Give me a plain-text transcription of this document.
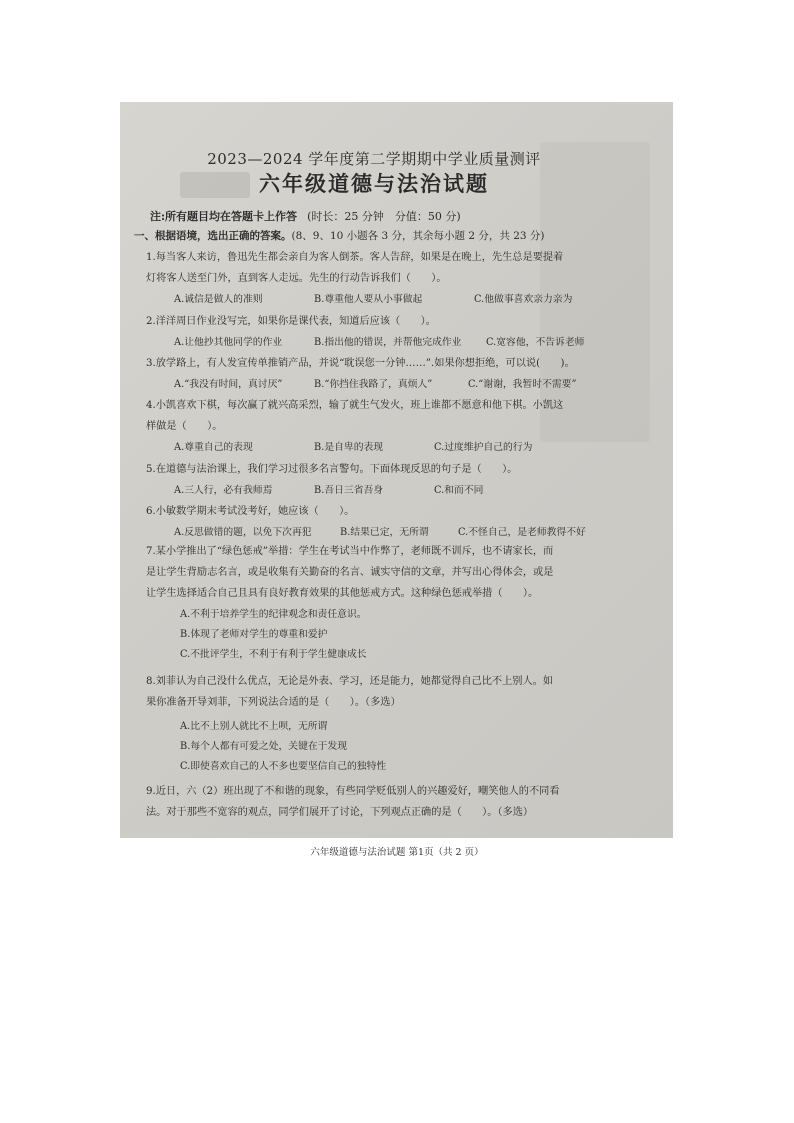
2023—2024 学年度第二学期期中学业质量测评
六年级道德与法治试题
注:所有题目均在答题卡上作答 (时长：25 分钟　分值：50 分)
一、根据语境，选出正确的答案。(8、9、10 小题各 3 分，其余每小题 2 分，共 23 分)
1.每当客人来访，鲁迅先生都会亲自为客人倒茶。客人告辞，如果是在晚上，先生总是要提着
灯将客人送至门外，直到客人走远。先生的行动告诉我们（　　）。
A.诚信是做人的准则	B.尊重他人要从小事做起	C.他做事喜欢亲力亲为
2.洋洋周日作业没写完，如果你是课代表，知道后应该（　　）。
A.让他抄其他同学的作业	B.指出他的错误，并帮他完成作业	C.宽容他，不告诉老师
3.放学路上，有人发宣传单推销产品，并说“耽误您一分钟……”.如果你想拒绝，可以说(　　)。
A.“我没有时间，真讨厌”	B.“你挡住我路了，真烦人”	C.“谢谢，我暂时不需要”
4.小凯喜欢下棋，每次赢了就兴高采烈，输了就生气发火，班上谁都不愿意和他下棋。小凯这
样做是（　　）。
A.尊重自己的表现	B.是自卑的表现	C.过度维护自己的行为
5.在道德与法治课上，我们学习过很多名言警句。下面体现反思的句子是（　　）。
A.三人行，必有我师焉	B.吾日三省吾身	C.和而不同
6.小敏数学期末考试没考好，她应该（　　）。
A.反思做错的题，以免下次再犯	B.结果已定，无所谓	C.不怪自己，是老师教得不好
7.某小学推出了“绿色惩戒”举措：学生在考试当中作弊了，老师既不训斥，也不请家长，而
是让学生背励志名言，或是收集有关勤奋的名言、诚实守信的文章，并写出心得体会，或是
让学生选择适合自己且具有良好教育效果的其他惩戒方式。这种绿色惩戒举措（　　）。
A.不利于培养学生的纪律观念和责任意识。
B.体现了老师对学生的尊重和爱护
C.不批评学生，不利于有利于学生健康成长
8.刘菲认为自己没什么优点，无论是外表、学习，还是能力，她都觉得自己比不上别人。如
果你准备开导刘菲，下列说法合适的是（　　）。（多选）
A.比不上别人就比不上呗，无所谓
B.每个人都有可爱之处，关键在于发现
C.即使喜欢自己的人不多也要坚信自己的独特性
9.近日，六（2）班出现了不和谐的现象，有些同学贬低别人的兴趣爱好，嘲笑他人的不同看
法。对于那些不宽容的观点，同学们展开了讨论，下列观点正确的是（　　）。（多选）
六年级道德与法治试题 第1页（共 2 页）
